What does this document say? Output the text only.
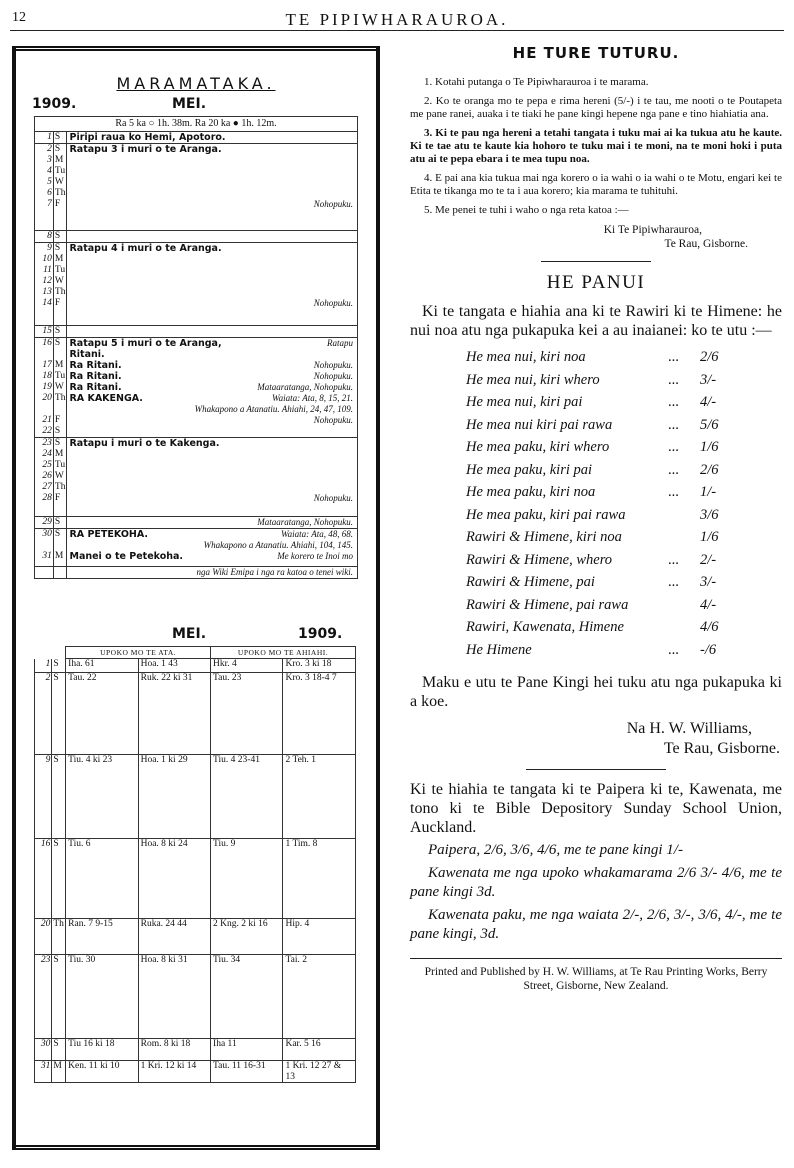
12	TE PIPIWHARAUROA.
MARAMATAKA.
1909.	MEI.
Ra 5 ka ○ 1h. 38m. Ra 20 ka ● 1h. 12m.
1	S	Piripi raua ko Hemi, Apotoro.

2	S	Ratapu 3 i muri o te Aranga.

3	M	

4	Tu	

5	W	

6	Th	

7	F	Nohopuku.

8	S	

9	S	Ratapu 4 i muri o te Aranga.

10	M	

11	Tu	

12	W	

13	Th	

14	F	Nohopuku.

15	S	

16	S	Ratapu 5 i muri o te Aranga, Ratapu

		Ritani.

17	M	Ra Ritani. Nohopuku.

18	Tu	Ra Ritani. Nohopuku.

19	W	Ra Ritani. Mataaratanga, Nohopuku.

20	Th	RA KAKENGA. Waiata: Ata, 8, 15, 21.

		Whakapono a Atanatiu. Ahiahi, 24, 47, 109.

21	F	Nohopuku.

22	S	

23	S	Ratapu i muri o te Kakenga.

24	M	

25	Tu	

26	W	

27	Th	

28	F	Nohopuku.

29	S	Mataaratanga, Nohopuku.

30	S	RA PETEKOHA. Waiata: Ata, 48, 68.

		Whakapono a Atanatiu. Ahiahi, 104, 145.

31	M	Manei o te Petekoha. Me korero te Inoi mo

		nga Wiki Emipa i nga ra katoa o tenei wiki.
MEI.	1909.
		UPOKO MO TE ATA.		UPOKO MO TE AHIAHI.	
1	S	Iha. 61	Hoa. 1 43	Hkr. 4	Kro. 3 ki 18
2	S	Tau. 22	Ruk. 22 ki 31	Tau. 23	Kro. 3 18-4 7
9	S	Tiu. 4 ki 23	Hoa. 1 ki 29	Tiu. 4 23-41	2 Teh. 1
16	S	Tiu. 6	Hoa. 8 ki 24	Tiu. 9	1 Tim. 8
20	Th	Ran. 7 9-15	Ruka. 24 44	2 Kng. 2 ki 16	Hip. 4
23	S	Tiu. 30	Hoa. 8 ki 31	Tiu. 34	Tai. 2
30	S	Tiu 16 ki 18	Rom. 8 ki 18	Iha 11	Kar. 5 16
31	M	Ken. 11 ki 10	1 Kri. 12 ki 14	Tau. 11 16-31	1 Kri. 12 27 & 13
HE TURE TUTURU.

1. Kotahi putanga o Te Pipiwharauroa i te marama.

2. Ko te oranga mo te pepa e rima hereni (5/-) i te tau, me nooti o te Poutapeta me pane ranei, auaka i te tiaki he pane kingi hepene nga pane e tino hiahiatia ana.

3. Ki te pau nga hereni a tetahi tangata i tuku mai ai ka tukua atu he kaute. Ki te tae atu te kaute kia hohoro te tuku mai i te moni, na te moni hoki i puta atu ai te pepa ebara i te mea tupu noa.

4. E pai ana kia tukua mai nga korero o ia wahi o ia wahi o te Motu, engari kei te Etita te tikanga mo te ta i aua korero; kia marama te tuhituhi.

5. Me penei te tuhi i waho o nga reta katoa :—

Ki Te Pipiwharauroa,
Te Rau, Gisborne.
HE PANUI

Ki te tangata e hiahia ana ki te Rawiri ki te Himene: he nui noa atu nga pukapuka kei a au inaianei: ko te utu :—

He mea nui, kiri noa	... 2/6
He mea nui, kiri whero	... 3/-
He mea nui, kiri pai	... 4/-
He mea nui kiri pai rawa	... 5/6
He mea paku, kiri whero	... 1/6
He mea paku, kiri pai	... 2/6
He mea paku, kiri noa	... 1/-
He mea paku, kiri pai rawa	3/6
Rawiri & Himene, kiri noa	1/6
Rawiri & Himene, whero	... 2/-
Rawiri & Himene, pai	... 3/-
Rawiri & Himene, pai rawa	4/-
Rawiri, Kawenata, Himene	4/6
He Himene	... -/6

Maku e utu te Pane Kingi hei tuku atu nga pukapuka ki a koe.

Na H. W. Williams,
Te Rau, Gisborne.

Ki te hiahia te tangata ki te Paipera ki te, Kawenata, me tono ki te Bible Depository Sunday School Union, Auckland.

Paipera, 2/6, 3/6, 4/6, me te pane kingi 1/-

Kawenata me nga upoko whakamarama 2/6 3/- 4/6, me te pane kingi 3d.

Kawenata paku, me nga waiata 2/-, 2/6, 3/-, 3/6, 4/-, me te pane kingi, 3d.

Printed and Published by H. W. Williams, at Te Rau Printing Works, Berry Street, Gisborne, New Zealand.
